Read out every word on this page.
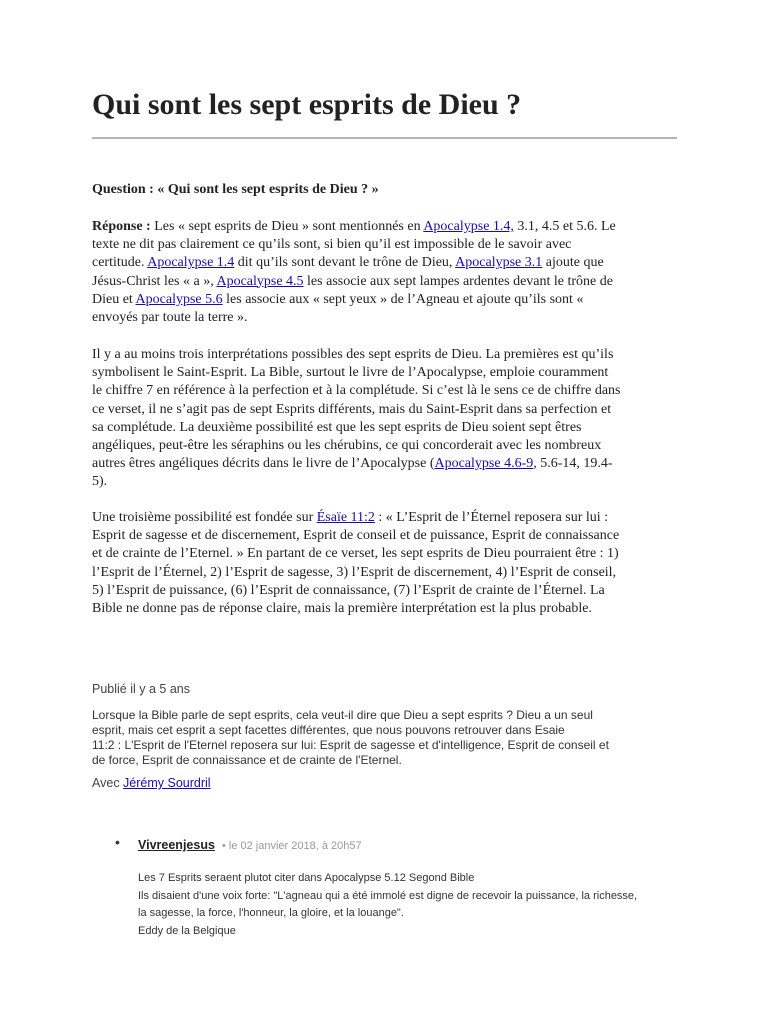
Qui sont les sept esprits de Dieu ?

Question : « Qui sont les sept esprits de Dieu ? »

Réponse : Les « sept esprits de Dieu » sont mentionnés en Apocalypse 1.4, 3.1, 4.5 et 5.6. Le
texte ne dit pas clairement ce qu’ils sont, si bien qu’il est impossible de le savoir avec
certitude. Apocalypse 1.4 dit qu’ils sont devant le trône de Dieu, Apocalypse 3.1 ajoute que
Jésus-Christ les « a », Apocalypse 4.5 les associe aux sept lampes ardentes devant le trône de
Dieu et Apocalypse 5.6 les associe aux « sept yeux » de l’Agneau et ajoute qu’ils sont «
envoyés par toute la terre ».

Il y a au moins trois interprétations possibles des sept esprits de Dieu. La premières est qu’ils
symbolisent le Saint-Esprit. La Bible, surtout le livre de l’Apocalypse, emploie couramment
le chiffre 7 en référence à la perfection et à la complétude. Si c’est là le sens ce de chiffre dans
ce verset, il ne s’agit pas de sept Esprits différents, mais du Saint-Esprit dans sa perfection et
sa complétude. La deuxième possibilité est que les sept esprits de Dieu soient sept êtres
angéliques, peut-être les séraphins ou les chérubins, ce qui concorderait avec les nombreux
autres êtres angéliques décrits dans le livre de l’Apocalypse (Apocalypse 4.6-9, 5.6-14, 19.4-
5).

Une troisième possibilité est fondée sur Ésaïe 11:2 : « L’Esprit de l’Éternel reposera sur lui :
Esprit de sagesse et de discernement, Esprit de conseil et de puissance, Esprit de connaissance
et de crainte de l’Eternel. » En partant de ce verset, les sept esprits de Dieu pourraient être : 1)
l’Esprit de l’Éternel, 2) l’Esprit de sagesse, 3) l’Esprit de discernement, 4) l’Esprit de conseil,
5) l’Esprit de puissance, (6) l’Esprit de connaissance, (7) l’Esprit de crainte de l’Éternel. La
Bible ne donne pas de réponse claire, mais la première interprétation est la plus probable.

Publié il y a 5 ans

Lorsque la Bible parle de sept esprits, cela veut-il dire que Dieu a sept esprits ? Dieu a un seul
esprit, mais cet esprit a sept facettes différentes, que nous pouvons retrouver dans Esaie
11:2 : L'Esprit de l'Eternel reposera sur lui: Esprit de sagesse et d'intelligence, Esprit de conseil et
de force, Esprit de connaissance et de crainte de l'Eternel.

Avec Jérémy Sourdril

• Vivreenjesus • le 02 janvier 2018, à 20h57

Les 7 Esprits seraent plutot citer dans Apocalypse 5.12 Segond Bible
Ils disaient d'une voix forte: "L'agneau qui a été immolé est digne de recevoir la puissance, la richesse,
la sagesse, la force, l'honneur, la gloire, et la louange".
Eddy de la Belgique
